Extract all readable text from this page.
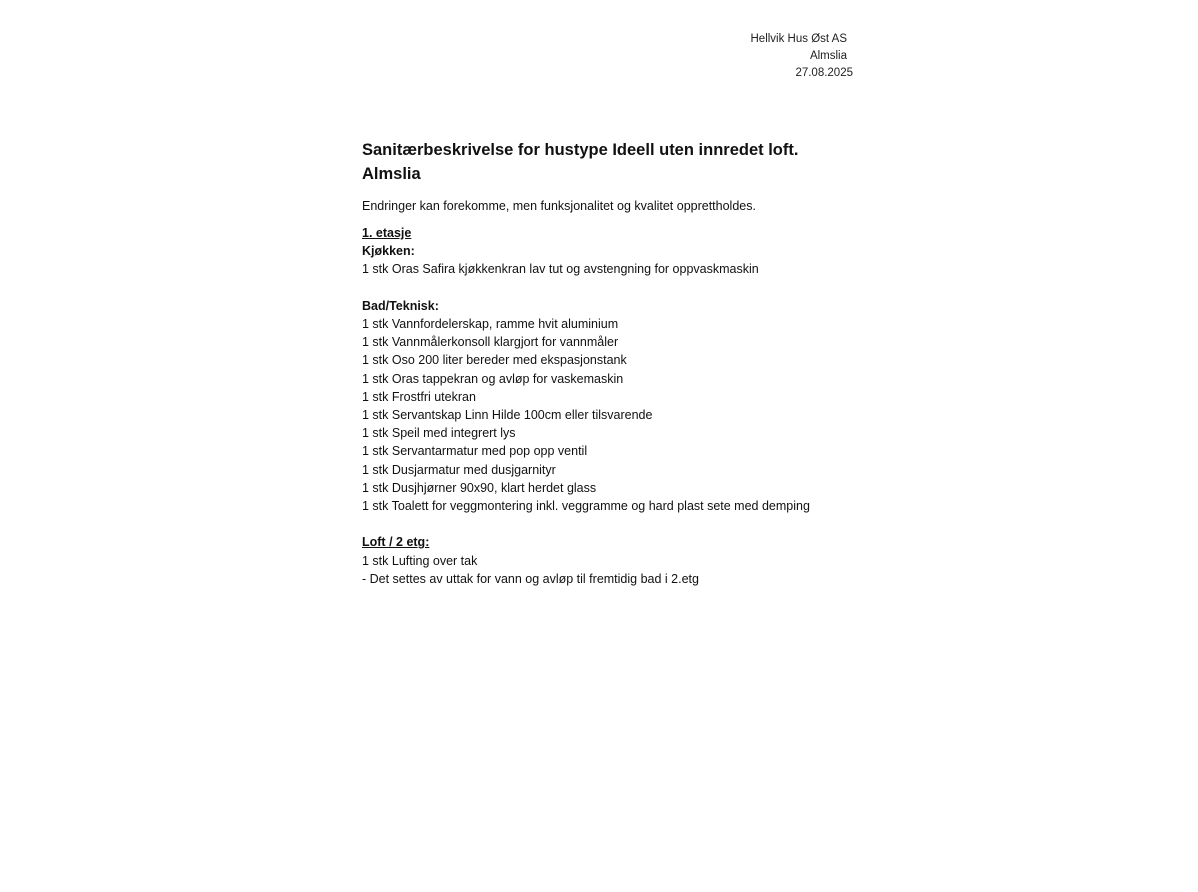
Hellvik Hus Øst AS
Almslia
27.08.2025
Sanitærbeskrivelse for hustype Ideell uten innredet loft.
Almslia

Endringer kan forekomme, men funksjonalitet og kvalitet opprettholdes.

1. etasje
Kjøkken:
1 stk Oras Safira kjøkkenkran lav tut og avstengning for oppvaskmaskin
Bad/Teknisk:
1 stk Vannfordelerskap, ramme hvit aluminium
1 stk Vannmålerkonsoll klargjort for vannmåler
1 stk Oso 200 liter bereder med ekspasjonstank
1 stk Oras tappekran og avløp for vaskemaskin
1 stk Frostfri utekran
1 stk Servantskap Linn Hilde 100cm eller tilsvarende
1 stk Speil med integrert lys
1 stk Servantarmatur med pop opp ventil
1 stk Dusjarmatur med dusjgarnityr
1 stk Dusjhjørner 90x90, klart herdet glass
1 stk Toalett for veggmontering inkl. veggramme og hard plast sete med demping
Loft / 2 etg:
1 stk Lufting over tak
- Det settes av uttak for vann og avløp til fremtidig bad i 2.etg
